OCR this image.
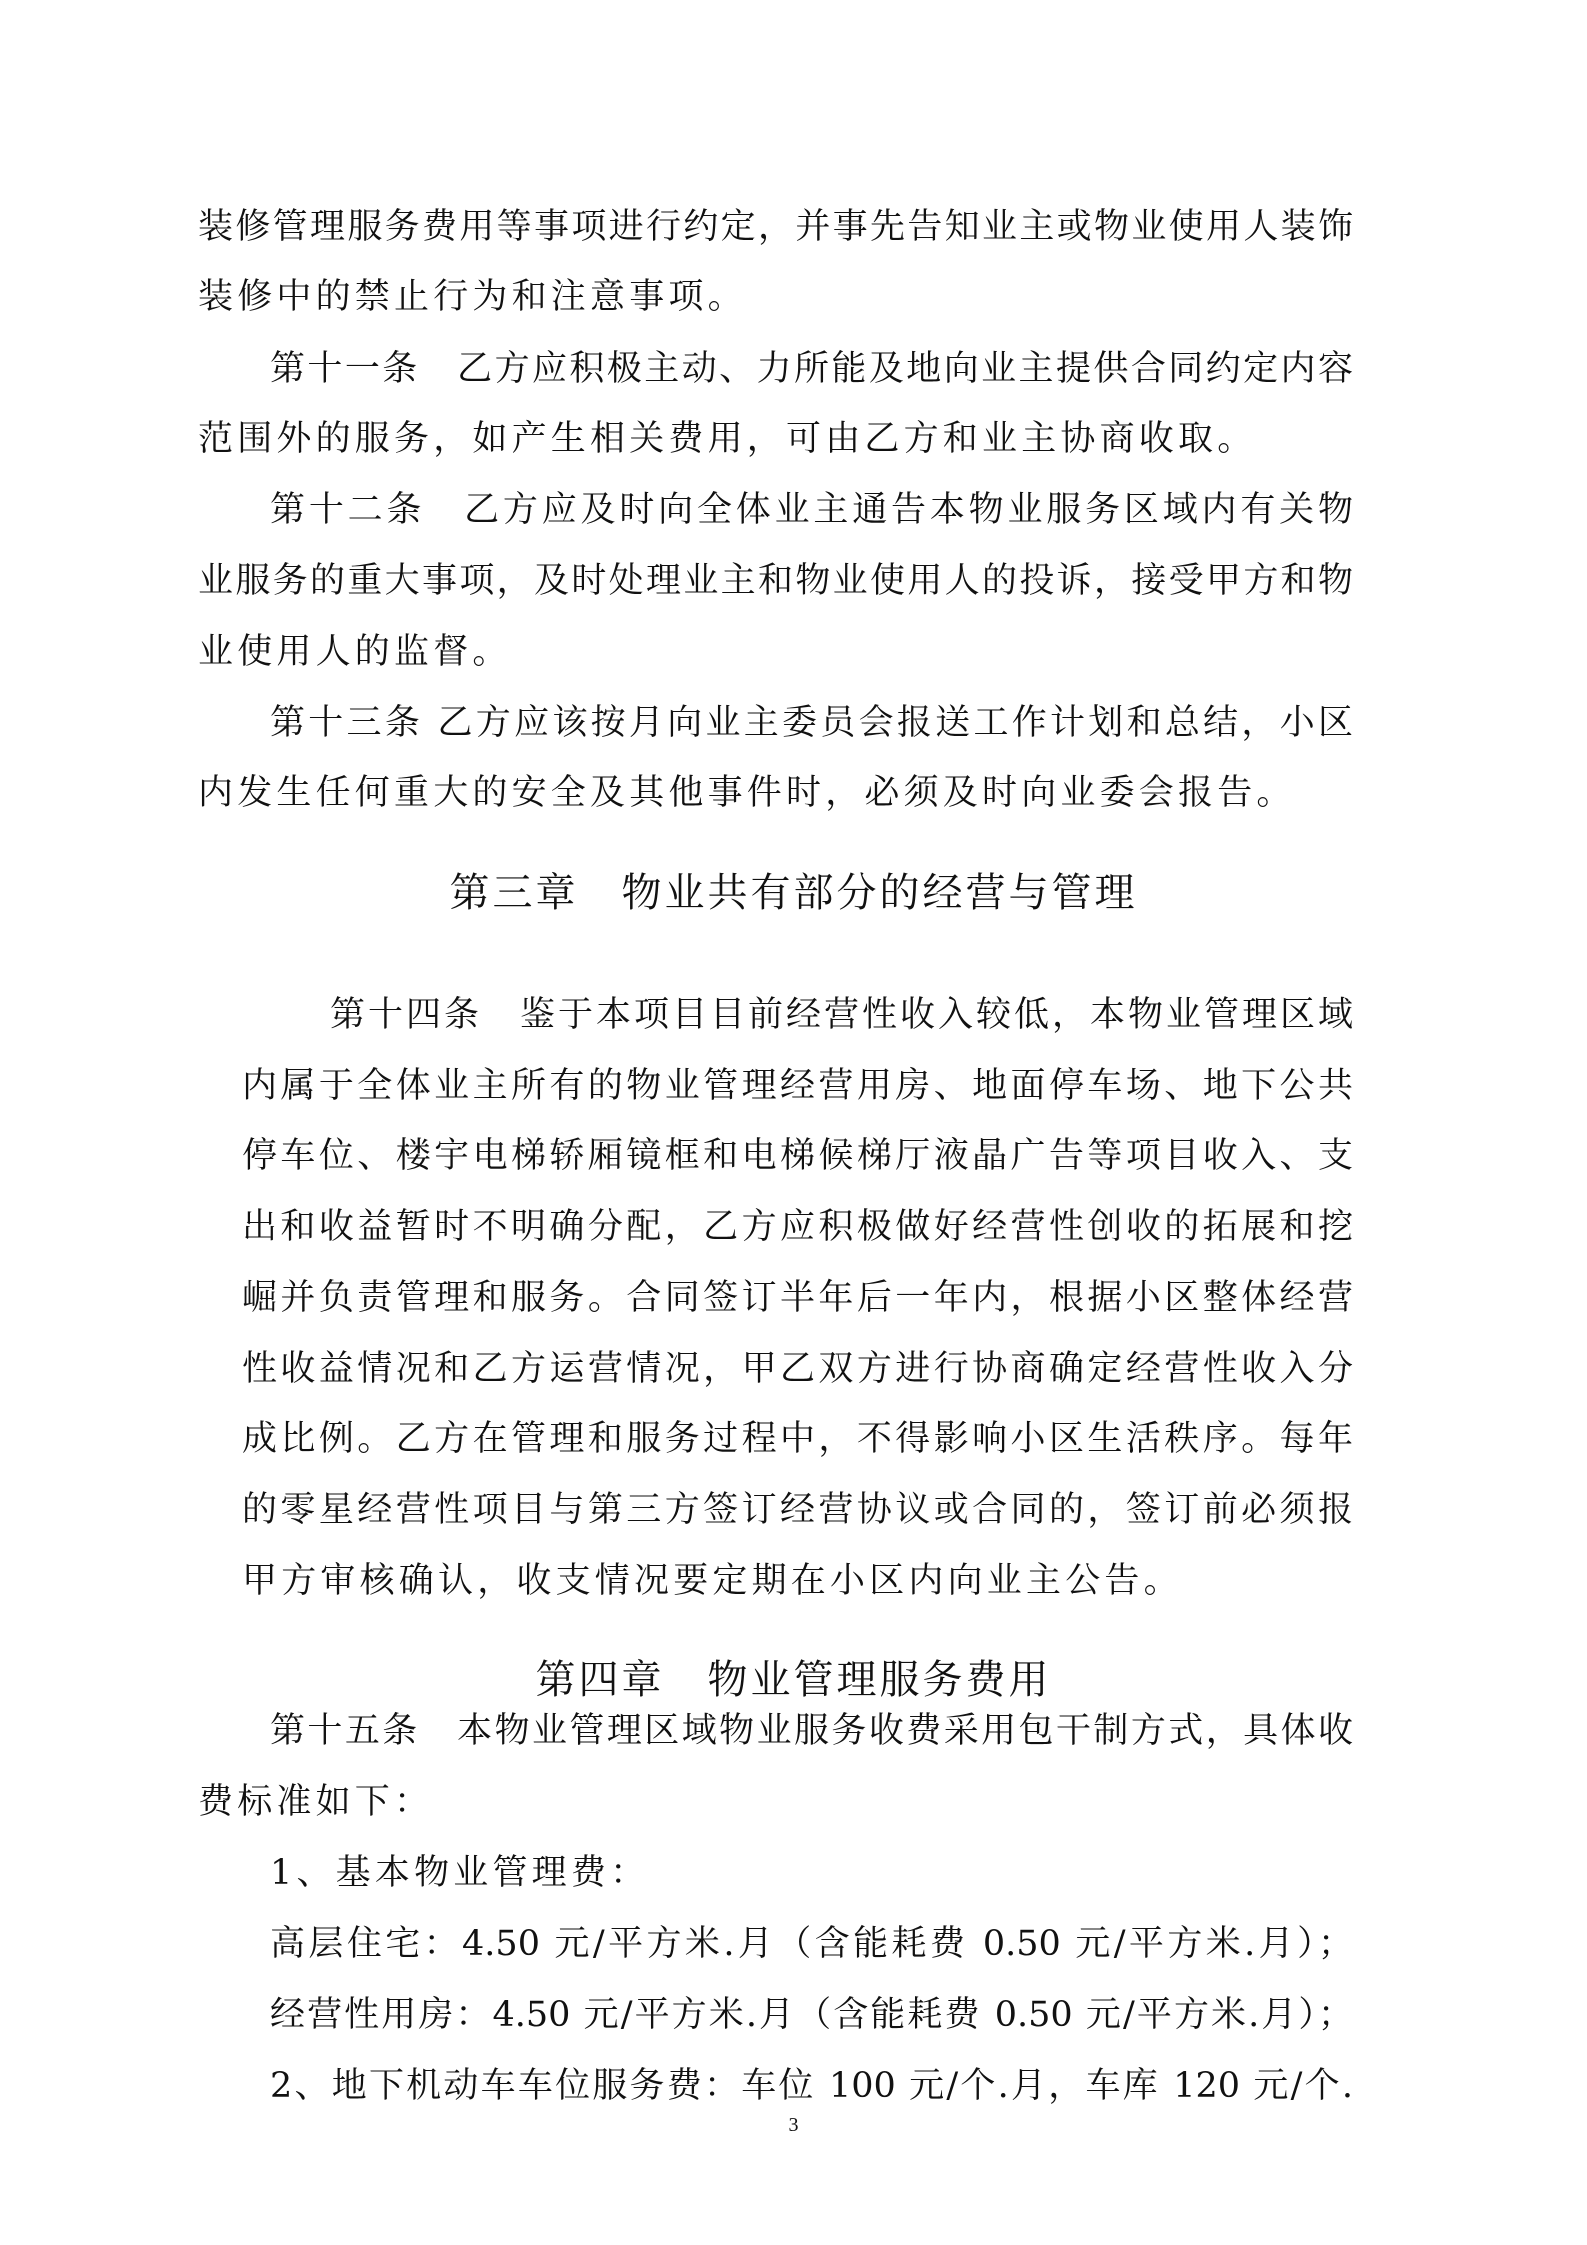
装修管理服务费用等事项进行约定，并事先告知业主或物业使用人装饰
装修中的禁止行为和注意事项。
第十一条　乙方应积极主动、力所能及地向业主提供合同约定内容
范围外的服务，如产生相关费用，可由乙方和业主协商收取。
第十二条　乙方应及时向全体业主通告本物业服务区域内有关物
业服务的重大事项，及时处理业主和物业使用人的投诉，接受甲方和物
业使用人的监督。
第十三条 乙方应该按月向业主委员会报送工作计划和总结，小区
内发生任何重大的安全及其他事件时，必须及时向业委会报告。
第三章　物业共有部分的经营与管理
第十四条　鉴于本项目目前经营性收入较低，本物业管理区域
内属于全体业主所有的物业管理经营用房、地面停车场、地下公共
停车位、楼宇电梯轿厢镜框和电梯候梯厅液晶广告等项目收入、支
出和收益暂时不明确分配，乙方应积极做好经营性创收的拓展和挖
崛并负责管理和服务。合同签订半年后一年内，根据小区整体经营
性收益情况和乙方运营情况，甲乙双方进行协商确定经营性收入分
成比例。乙方在管理和服务过程中，不得影响小区生活秩序。每年
的零星经营性项目与第三方签订经营协议或合同的，签订前必须报
甲方审核确认，收支情况要定期在小区内向业主公告。
第四章　物业管理服务费用
第十五条　本物业管理区域物业服务收费采用包干制方式，具体收
费标准如下：
1、基本物业管理费：
高层住宅：4.50 元/平方米.月（含能耗费 0.50 元/平方米.月）；
经营性用房：4.50 元/平方米.月（含能耗费 0.50 元/平方米.月）；
3
2、地下机动车车位服务费：车位 100 元/个.月，车库 120 元/个.
